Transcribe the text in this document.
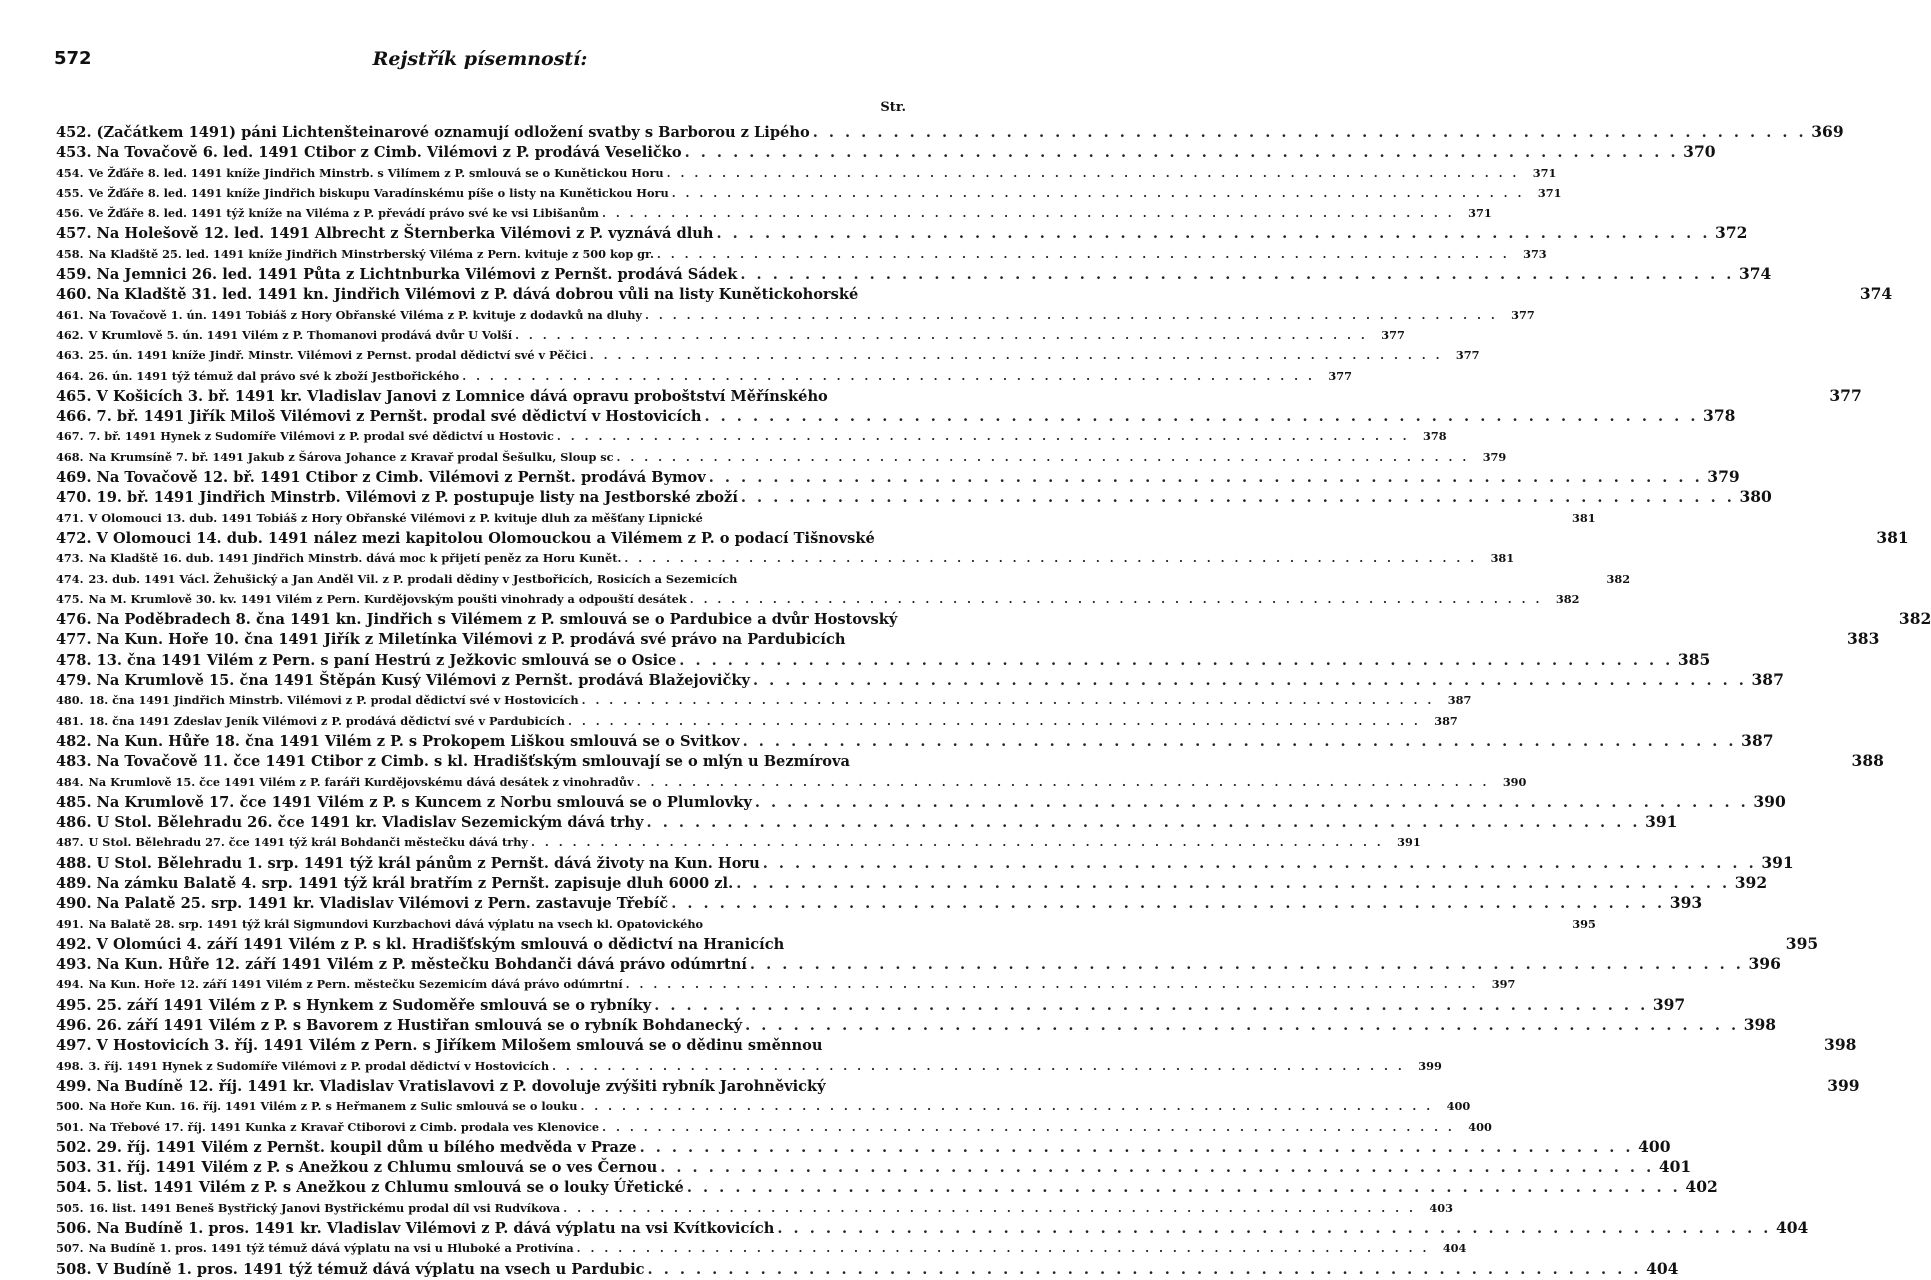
572	Rejstřík písemností:
Str.
452. (Začátkem 1491) páni Lichtenšteinarové oznamují odložení svatby s Barborou z Lipého . . .	369
453. Na Tovačově 6. led. 1491 Ctibor z Cimb. Vilémovi z P. prodává Veseličko . . .	370
454. Ve Žďáře 8. led. 1491 kníže Jindřich Minstrb. s Vilímem z P. smlouvá se o Kunětickou Horu . . .	371
455. Ve Žďáře 8. led. 1491 kníže Jindřich biskupu Varadínskému píše o listy na Kunětickou Horu . . .	371
456. Ve Žďáře 8. led. 1491 týž kníže na Viléma z P. převádí právo své ke vsi Libišanům . . .	371
457. Na Holešově 12. led. 1491 Albrecht z Šternberka Vilémovi z P. vyznává dluh . . .	372
458. Na Kladště 25. led. 1491 kníže Jindřich Minstrberský Viléma z Pern. kvituje z 500 kop gr. . . .	373
459. Na Jemnici 26. led. 1491 Půta z Lichtnburka Vilémovi z Pernšt. prodává Sádek . . .	374
460. Na Kladště 31. led. 1491 kn. Jindřich Vilémovi z P. dává dobrou vůli na listy Kunětickohorské	374
461. Na Tovačově 1. ún. 1491 Tobiáš z Hory Obřanské Viléma z P. kvituje z dodavků na dluhy . . .	377
462. V Krumlově 5. ún. 1491 Vilém z P. Thomanovi prodává dvůr U Volší . . .	377
463. 25. ún. 1491 kníže Jindř. Minstr. Vilémovi z Pernst. prodal dědictví své v Pěčici . . .	377
464. 26. ún. 1491 týž témuž dal právo své k zboží Jestbořického . . .	377
465. V Košicích 3. bř. 1491 kr. Vladislav Janovi z Lomnice dává opravu proboštství Měřínského	377
466. 7. bř. 1491 Jiřík Miloš Vilémovi z Pernšt. prodal své dědictví v Hostovicích . . .	378
467. 7. bř. 1491 Hynek z Sudomíře Vilémovi z P. prodal své dědictví u Hostovic . . .	378
468. Na Krumsíně 7. bř. 1491 Jakub z Šárova Johance z Kravař prodal Šešulku, Sloup sc . . .	379
469. Na Tovačově 12. bř. 1491 Ctibor z Cimb. Vilémovi z Pernšt. prodává Bymov . . .	379
470. 19. bř. 1491 Jindřich Minstrb. Vilémovi z P. postupuje listy na Jestborské zboží . . .	380
471. V Olomouci 13. dub. 1491 Tobiáš z Hory Obřanské Vilémovi z P. kvituje dluh za měšťany Lipnické	381
472. V Olomouci 14. dub. 1491 nález mezi kapitolou Olomouckou a Vilémem z P. o podací Tišnovské	381
473. Na Kladště 16. dub. 1491 Jindřich Minstrb. dává moc k přijetí peněz za Horu Kunět. . . .	381
474. 23. dub. 1491 Václ. Žehušický a Jan Anděl Vil. z P. prodali dědiny v Jestbořicích, Rosicích a Sezemicích	382
475. Na M. Krumlově 30. kv. 1491 Vilém z Pern. Kurdějovským poušti vinohrady a odpouští desátek . . .	382
476. Na Poděbradech 8. čna 1491 kn. Jindřich s Vilémem z P. smlouvá se o Pardubice a dvůr Hostovský	382
477. Na Kun. Hoře 10. čna 1491 Jiřík z Miletínka Vilémovi z P. prodává své právo na Pardubicích	383
478. 13. čna 1491 Vilém z Pern. s paní Hestrú z Ježkovic smlouvá se o Osice . . .	385
479. Na Krumlově 15. čna 1491 Štěpán Kusý Vilémovi z Pernšt. prodává Blažejovičky . . .	387
480. 18. čna 1491 Jindřich Minstrb. Vilémovi z P. prodal dědictví své v Hostovicích . . .	387
481. 18. čna 1491 Zdeslav Jeník Vilémovi z P. prodává dědictví své v Pardubicích . . .	387
482. Na Kun. Hůře 18. čna 1491 Vilém z P. s Prokopem Liškou smlouvá se o Svitkov . . .	387
483. Na Tovačově 11. čce 1491 Ctibor z Cimb. s kl. Hradišťským smlouvají se o mlýn u Bezmírova	388
484. Na Krumlově 15. čce 1491 Vilém z P. faráři Kurdějovskému dává desátek z vinohradův . . .	390
485. Na Krumlově 17. čce 1491 Vilém z P. s Kuncem z Norbu smlouvá se o Plumlovky . . .	390
486. U Stol. Bělehradu 26. čce 1491 kr. Vladislav Sezemickým dává trhy . . .	391
487. U Stol. Bělehradu 27. čce 1491 týž král Bohdanči městečku dává trhy . . .	391
488. U Stol. Bělehradu 1. srp. 1491 týž král pánům z Pernšt. dává životy na Kun. Horu . . .	391
489. Na zámku Balatě 4. srp. 1491 týž král bratřím z Pernšt. zapisuje dluh 6000 zl. . . .	392
490. Na Palatě 25. srp. 1491 kr. Vladislav Vilémovi z Pern. zastavuje Třebíč . . .	393
491. Na Balatě 28. srp. 1491 týž král Sigmundovi Kurzbachovi dává výplatu na vsech kl. Opatovického	395
492. V Olomúci 4. září 1491 Vilém z P. s kl. Hradišťským smlouvá o dědictví na Hranicích	395
493. Na Kun. Hůře 12. září 1491 Vilém z P. městečku Bohdanči dává právo odúmrtní . . .	396
494. Na Kun. Hoře 12. září 1491 Vilém z Pern. městečku Sezemicím dává právo odúmrtní . . .	397
495. 25. září 1491 Vilém z P. s Hynkem z Sudoměře smlouvá se o rybníky . . .	397
496. 26. září 1491 Vilém z P. s Bavorem z Hustiřan smlouvá se o rybník Bohdanecký . . .	398
497. V Hostovicích 3. říj. 1491 Vilém z Pern. s Jiříkem Milošem smlouvá se o dědinu směnnou	398
498. 3. říj. 1491 Hynek z Sudomíře Vilémovi z P. prodal dědictví v Hostovicích . . .	399
499. Na Budíně 12. říj. 1491 kr. Vladislav Vratislavovi z P. dovoluje zvýšiti rybník Jarohněvický	399
500. Na Hoře Kun. 16. říj. 1491 Vilém z P. s Heřmanem z Sulic smlouvá se o louku . . .	400
501. Na Třebové 17. říj. 1491 Kunka z Kravař Ctiborovi z Cimb. prodala ves Klenovice . . .	400
502. 29. říj. 1491 Vilém z Pernšt. koupil dům u bílého medvěda v Praze . . .	400
503. 31. říj. 1491 Vilém z P. s Anežkou z Chlumu smlouvá se o ves Černou . . .	401
504. 5. list. 1491 Vilém z P. s Anežkou z Chlumu smlouvá se o louky Úřetické . . .	402
505. 16. list. 1491 Beneš Bystřický Janovi Bystřickému prodal díl vsi Rudvíkova . . .	403
506. Na Budíně 1. pros. 1491 kr. Vladislav Vilémovi z P. dává výplatu na vsi Kvítkovicích . . .	404
507. Na Budíně 1. pros. 1491 týž témuž dává výplatu na vsi u Hluboké a Protivína . . .	404
508. V Budíně 1. pros. 1491 týž témuž dává výplatu na vsech u Pardubic . . .	404
